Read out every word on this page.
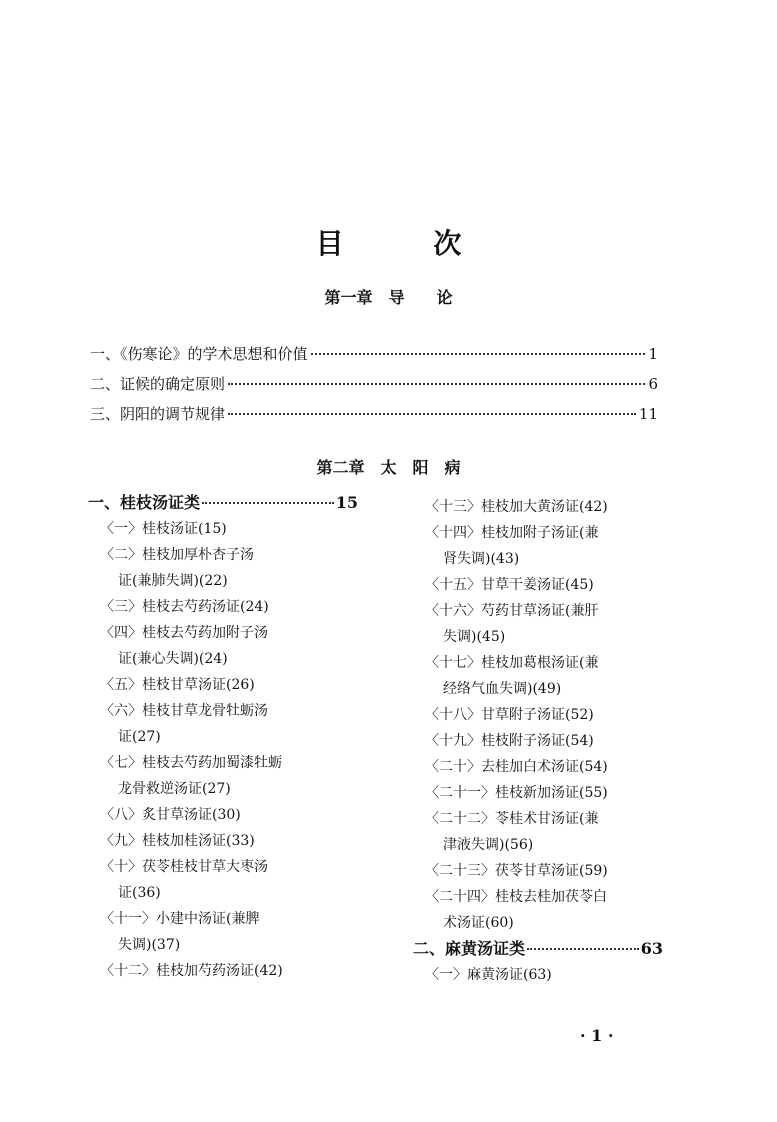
目 次
第一章　导　　论
一、《伤寒论》的学术思想和价值	1
二、证候的确定原则	6
三、阴阳的调节规律	11
第二章　太　阳　病
一、桂枝汤证类	15
〈一〉桂枝汤证(15)
〈二〉桂枝加厚朴杏子汤
证(兼肺失调)(22)
〈三〉桂枝去芍药汤证(24)
〈四〉桂枝去芍药加附子汤
证(兼心失调)(24)
〈五〉桂枝甘草汤证(26)
〈六〉桂枝甘草龙骨牡蛎汤
证(27)
〈七〉桂枝去芍药加蜀漆牡蛎
龙骨救逆汤证(27)
〈八〉炙甘草汤证(30)
〈九〉桂枝加桂汤证(33)
〈十〉茯苓桂枝甘草大枣汤
证(36)
〈十一〉小建中汤证(兼脾
失调)(37)
〈十二〉桂枝加芍药汤证(42)
〈十三〉桂枝加大黄汤证(42)
〈十四〉桂枝加附子汤证(兼
肾失调)(43)
〈十五〉甘草干姜汤证(45)
〈十六〉芍药甘草汤证(兼肝
失调)(45)
〈十七〉桂枝加葛根汤证(兼
经络气血失调)(49)
〈十八〉甘草附子汤证(52)
〈十九〉桂枝附子汤证(54)
〈二十〉去桂加白术汤证(54)
〈二十一〉桂枝新加汤证(55)
〈二十二〉苓桂术甘汤证(兼
津液失调)(56)
〈二十三〉茯苓甘草汤证(59)
〈二十四〉桂枝去桂加茯苓白
术汤证(60)
二、麻黄汤证类	63
〈一〉麻黄汤证(63)
· 1 ·
